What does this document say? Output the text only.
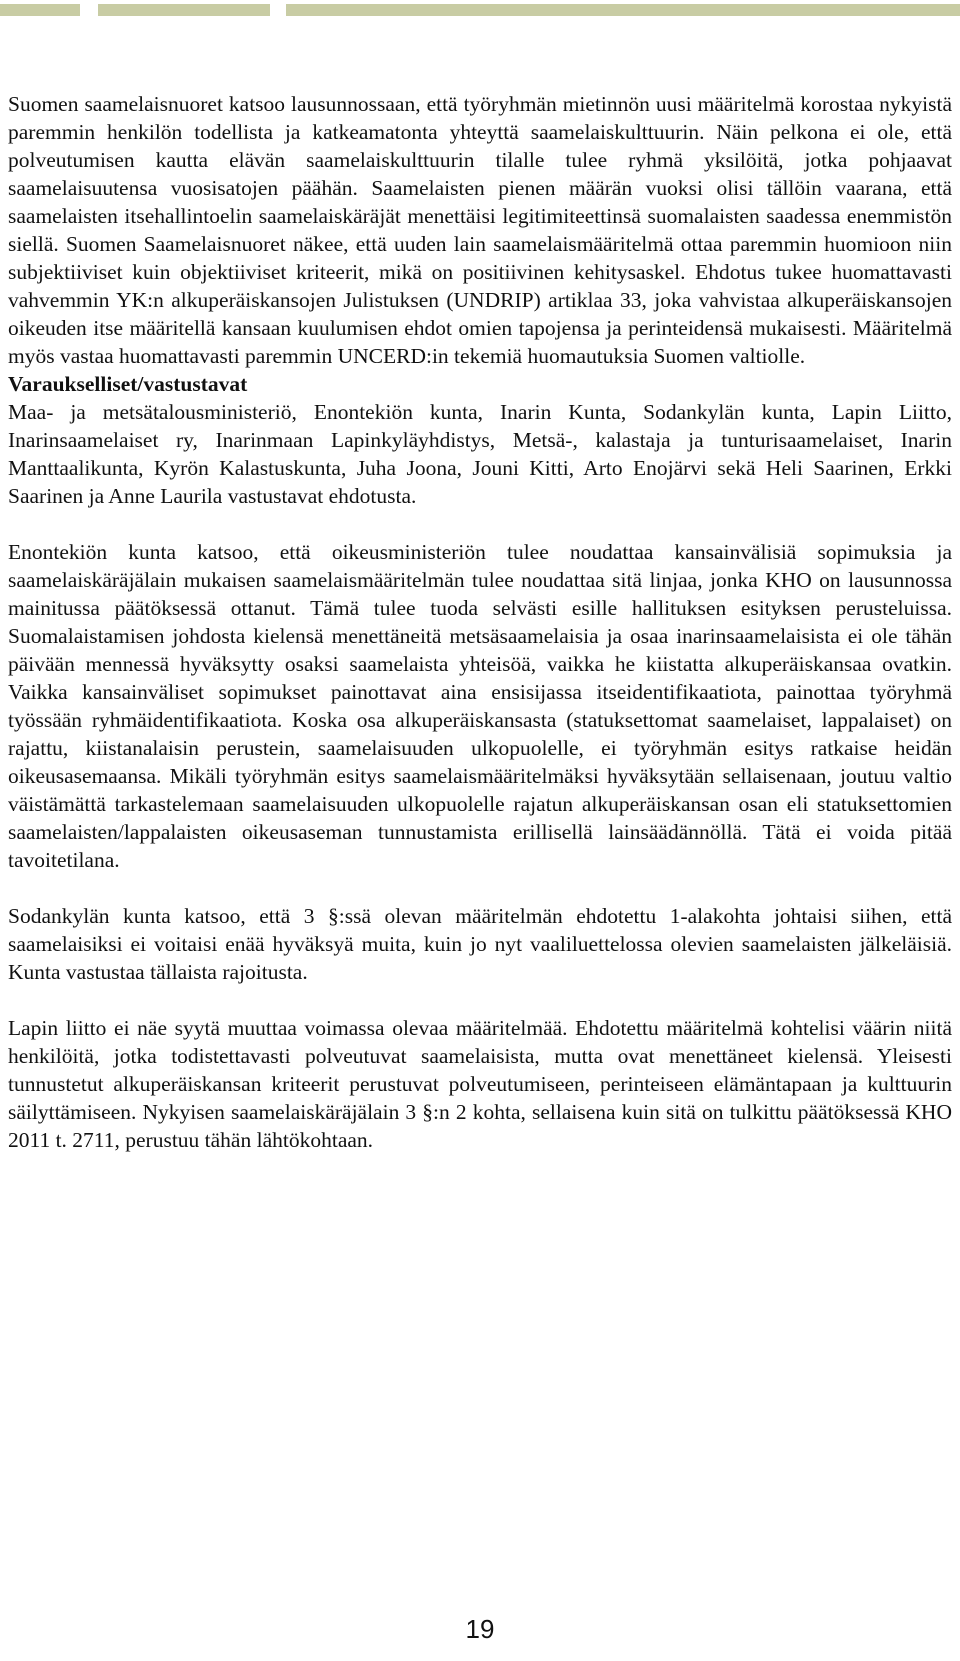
Suomen saamelaisnuoret katsoo lausunnossaan, että työryhmän mietinnön uusi määritelmä korostaa nykyistä paremmin henkilön todellista ja katkeamatonta yhteyttä saamelaiskulttuurin. Näin pelkona ei ole, että polveutumisen kautta elävän saamelaiskulttuurin tilalle tulee ryhmä yksilöitä, jotka pohjaavat saamelaisuutensa vuosisatojen päähän. Saamelaisten pienen määrän vuoksi olisi tällöin vaarana, että saamelaisten itsehallintoelin saamelaiskäräjät menettäisi legitimiteettinsä suomalaisten saadessa enemmistön siellä. Suomen Saamelaisnuoret näkee, että uuden lain saamelaismääritelmä ottaa paremmin huomioon niin subjektiiviset kuin objektiiviset kriteerit, mikä on positiivinen kehitysaskel. Ehdotus tukee huomattavasti vahvemmin YK:n alkuperäiskansojen Julistuksen (UNDRIP) artiklaa 33, joka vahvistaa alkuperäiskansojen oikeuden itse määritellä kansaan kuulumisen ehdot omien tapojensa ja perinteidensä mukaisesti. Määritelmä myös vastaa huomattavasti paremmin UNCERD:in tekemiä huomautuksia Suomen valtiolle.

Varaukselliset/vastustavat

Maa- ja metsätalousministeriö, Enontekiön kunta, Inarin Kunta, Sodankylän kunta, Lapin Liitto, Inarinsaamelaiset ry, Inarinmaan Lapinkyläyhdistys, Metsä-, kalastaja ja tunturisaamelaiset, Inarin Manttaalikunta, Kyrön Kalastuskunta, Juha Joona, Jouni Kitti, Arto Enojärvi sekä Heli Saarinen, Erkki Saarinen ja Anne Laurila vastustavat ehdotusta.

Enontekiön kunta katsoo, että oikeusministeriön tulee noudattaa kansainvälisiä sopimuksia ja saamelaiskäräjälain mukaisen saamelaismääritelmän tulee noudattaa sitä linjaa, jonka KHO on lausunnossa mainitussa päätöksessä ottanut. Tämä tulee tuoda selvästi esille hallituksen esityksen perusteluissa. Suomalaistamisen johdosta kielensä menettäneitä metsäsaamelaisia ja osaa inarinsaamelaisista ei ole tähän päivään mennessä hyväksytty osaksi saamelaista yhteisöä, vaikka he kiistatta alkuperäiskansaa ovatkin. Vaikka kansainväliset sopimukset painottavat aina ensisijassa itseidentifikaatiota, painottaa työryhmä työssään ryhmäidentifikaatiota. Koska osa alkuperäiskansasta (statuksettomat saamelaiset, lappalaiset) on rajattu, kiistanalaisin perustein, saamelaisuuden ulkopuolelle, ei työryhmän esitys ratkaise heidän oikeusasemaansa. Mikäli työryhmän esitys saamelaismääritelmäksi hyväksytään sellaisenaan, joutuu valtio väistämättä tarkastelemaan saamelaisuuden ulkopuolelle rajatun alkuperäiskansan osan eli statuksettomien saamelaisten/lappalaisten oikeusaseman tunnustamista erillisellä lainsäädännöllä. Tätä ei voida pitää tavoitetilana.

Sodankylän kunta katsoo, että 3 §:ssä olevan määritelmän ehdotettu 1-alakohta johtaisi siihen, että saamelaisiksi ei voitaisi enää hyväksyä muita, kuin jo nyt vaaliluettelossa olevien saamelaisten jälkeläisiä. Kunta vastustaa tällaista rajoitusta.

Lapin liitto ei näe syytä muuttaa voimassa olevaa määritelmää. Ehdotettu määritelmä kohtelisi väärin niitä henkilöitä, jotka todistettavasti polveutuvat saamelaisista, mutta ovat menettäneet kielensä. Yleisesti tunnustetut alkuperäiskansan kriteerit perustuvat polveutumiseen, perinteiseen elämäntapaan ja kulttuurin säilyttämiseen. Nykyisen saamelaiskäräjälain 3 §:n 2 kohta, sellaisena kuin sitä on tulkittu päätöksessä KHO 2011 t. 2711, perustuu tähän lähtökohtaan.

19
